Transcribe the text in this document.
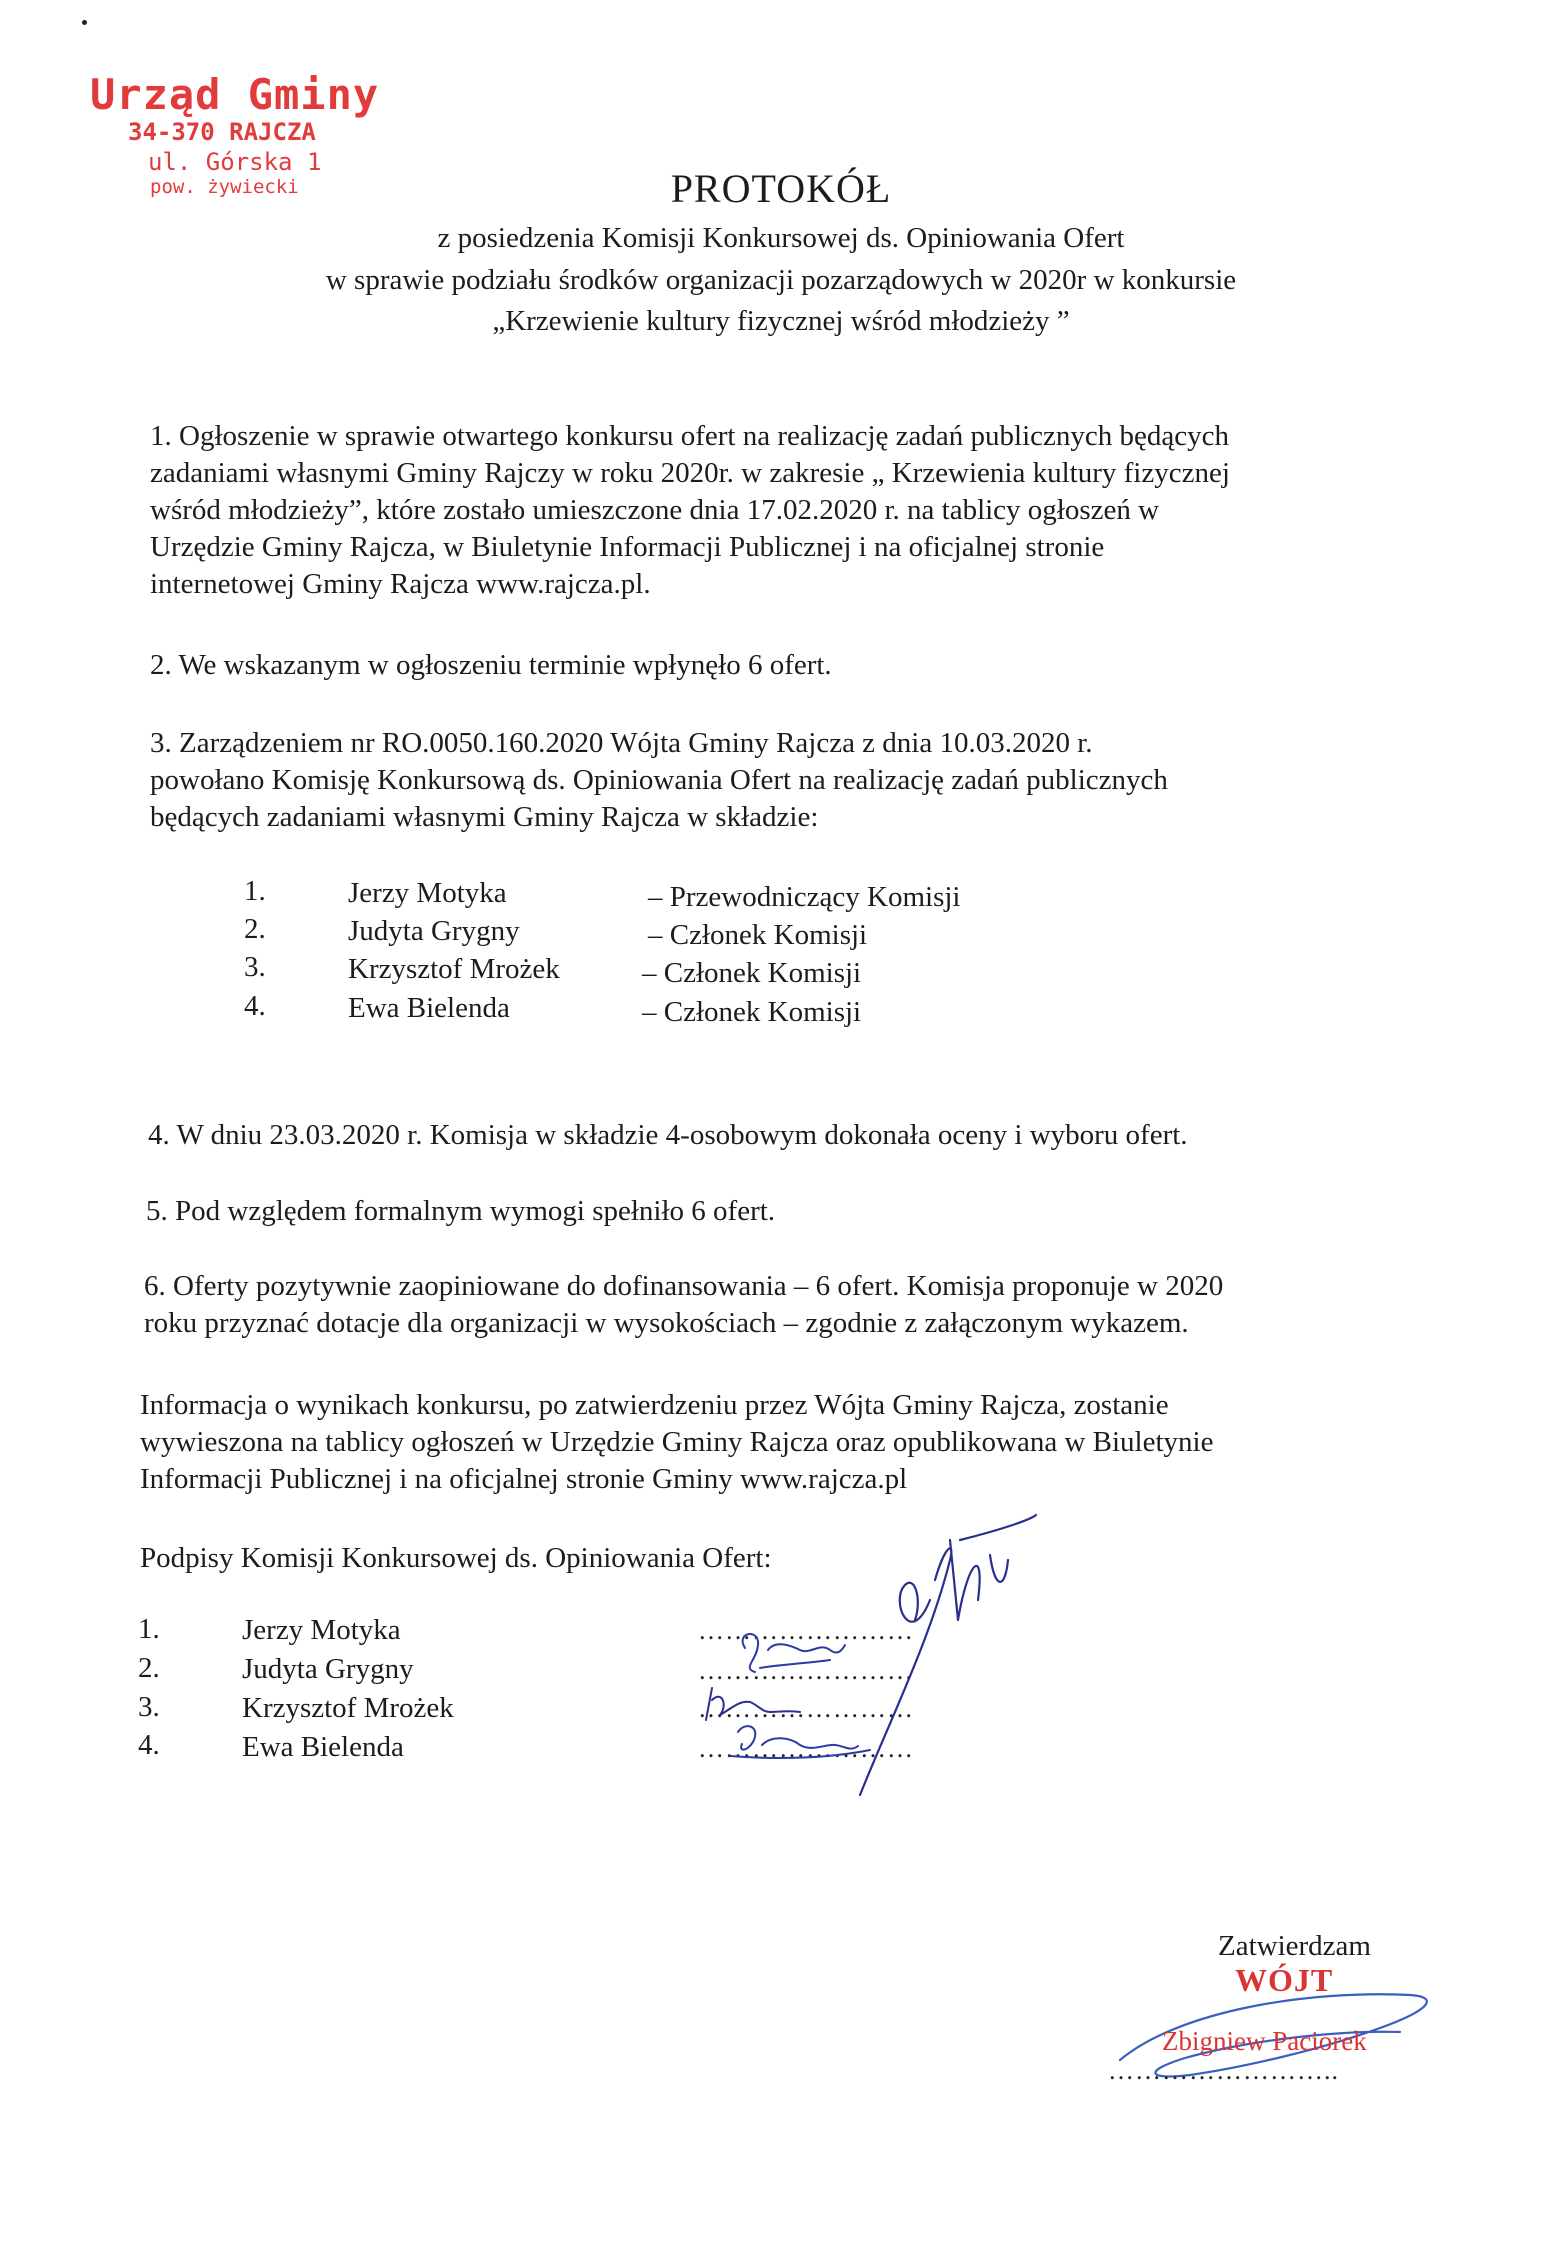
Urząd Gminy
34-370 RAJCZA
ul. Górska 1
pow. żywiecki	PROTOKÓŁ
z posiedzenia Komisji Konkursowej ds. Opiniowania Ofert
w sprawie podziału środków organizacji pozarządowych w 2020r w konkursie
„Krzewienie kultury fizycznej wśród młodzieży ”
1. Ogłoszenie w sprawie otwartego konkursu ofert na realizację zadań publicznych będących
zadaniami własnymi Gminy Rajczy w roku 2020r. w zakresie „ Krzewienia kultury fizycznej
wśród młodzieży”, które zostało umieszczone dnia 17.02.2020 r. na tablicy ogłoszeń w
Urzędzie Gminy Rajcza, w Biuletynie Informacji Publicznej i na oficjalnej stronie
internetowej Gminy Rajcza www.rajcza.pl.
2. We wskazanym w ogłoszeniu terminie wpłynęło 6 ofert.
3. Zarządzeniem nr RO.0050.160.2020 Wójta Gminy Rajcza z dnia 10.03.2020 r.
powołano Komisję Konkursową ds. Opiniowania Ofert na realizację zadań publicznych
będących zadaniami własnymi Gminy Rajcza w składzie:
1.	Jerzy Motyka	– Przewodniczący Komisji
2.	Judyta Grygny	– Członek Komisji
3.	Krzysztof Mrożek	– Członek Komisji
4.	Ewa Bielenda	– Członek Komisji
4. W dniu 23.03.2020 r. Komisja w składzie 4-osobowym dokonała oceny i wyboru ofert.
5. Pod względem formalnym wymogi spełniło 6 ofert.
6. Oferty pozytywnie zaopiniowane do dofinansowania – 6 ofert. Komisja proponuje w 2020
roku przyznać dotacje dla organizacji w wysokościach – zgodnie z załączonym wykazem.
Informacja o wynikach konkursu, po zatwierdzeniu przez Wójta Gminy Rajcza, zostanie
wywieszona na tablicy ogłoszeń w Urzędzie Gminy Rajcza oraz opublikowana w Biuletynie
Informacji Publicznej i na oficjalnej stronie Gminy www.rajcza.pl
Podpisy Komisji Konkursowej ds. Opiniowania Ofert:
1.	Jerzy Motyka	……………………
2.	Judyta Grygny	……………………
3.	Krzysztof Mrożek	……………………
4.	Ewa Bielenda	……………………
Zatwierdzam
WÓJT
Zbigniew Paciorek
……………………..
